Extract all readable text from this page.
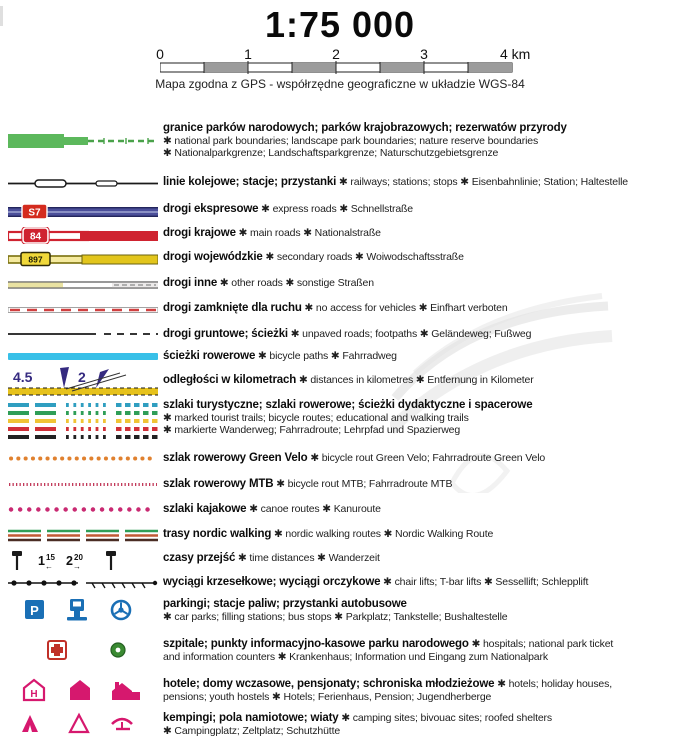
1:75 000
0	1	2	3	4 km
Mapa zgodna z GPS - współrzędne geograficzne w układzie WGS-84
granice parków narodowych; parków krajobrazowych; rezerwatów przyrody
✱ national park boundaries; landscape park boundaries; nature reserve boundaries
✱ Nationalparkgrenze; Landschaftsparkgrenze; Naturschutzgebietsgrenze
linie kolejowe; stacje; przystanki ✱ railways; stations; stops ✱ Eisenbahnlinie; Station; Haltestelle
S7	drogi ekspresowe ✱ express roads ✱ Schnellstraße
84	drogi krajowe ✱ main roads ✱ Nationalstraße
897	drogi wojewódzkie ✱ secondary roads ✱ Woiwodschaftsstraße
drogi inne ✱ other roads ✱ sonstige Straßen
drogi zamknięte dla ruchu ✱ no access for vehicles ✱ Einfhart verboten
drogi gruntowe; ścieżki ✱ unpaved roads; footpaths ✱ Geländeweg; Fußweg
ścieżki rowerowe ✱ bicycle paths ✱ Fahrradweg
4.5	2	odległości w kilometrach ✱ distances in kilometres ✱ Entfernung in Kilometer
szlaki turystyczne; szlaki rowerowe; ścieżki dydaktyczne i spacerowe
✱ marked tourist trails; bicycle routes; educational and walking trails
✱ markierte Wanderweg; Fahrradroute; Lehrpfad und Spazierweg
szlak rowerowy Green Velo ✱ bicycle rout Green Velo; Fahrradroute Green Velo
szlak rowerowy MTB ✱ bicycle rout MTB; Fahrradroute MTB
szlaki kajakowe ✱ canoe routes ✱ Kanuroute
trasy nordic walking ✱ nordic walking routes ✱ Nordic Walking Route
1 15
← 2 20
→
czasy przejść ✱ time distances ✱ Wanderzeit
wyciągi krzesełkowe; wyciągi orczykowe ✱ chair lifts; T-bar lifts ✱ Sessellift; Schlepplift
P	parkingi; stacje paliw; przystanki autobusowe
✱ car parks; filling stations; bus stops ✱ Parkplatz; Tankstelle; Bushaltestelle
szpitale; punkty informacyjno-kasowe parku narodowego ✱ hospitals; national park ticket
and information counters ✱ Krankenhaus; Information und Eingang zum Nationalpark
H
hotele; domy wczasowe, pensjonaty; schroniska młodzieżowe ✱ hotels; holiday houses,
pensions; youth hostels ✱ Hotels; Ferienhaus, Pension; Jugendherberge
kempingi; pola namiotowe; wiaty ✱ camping sites; bivouac sites; roofed shelters
✱ Campingplatz; Zeltplatz; Schutzhütte
